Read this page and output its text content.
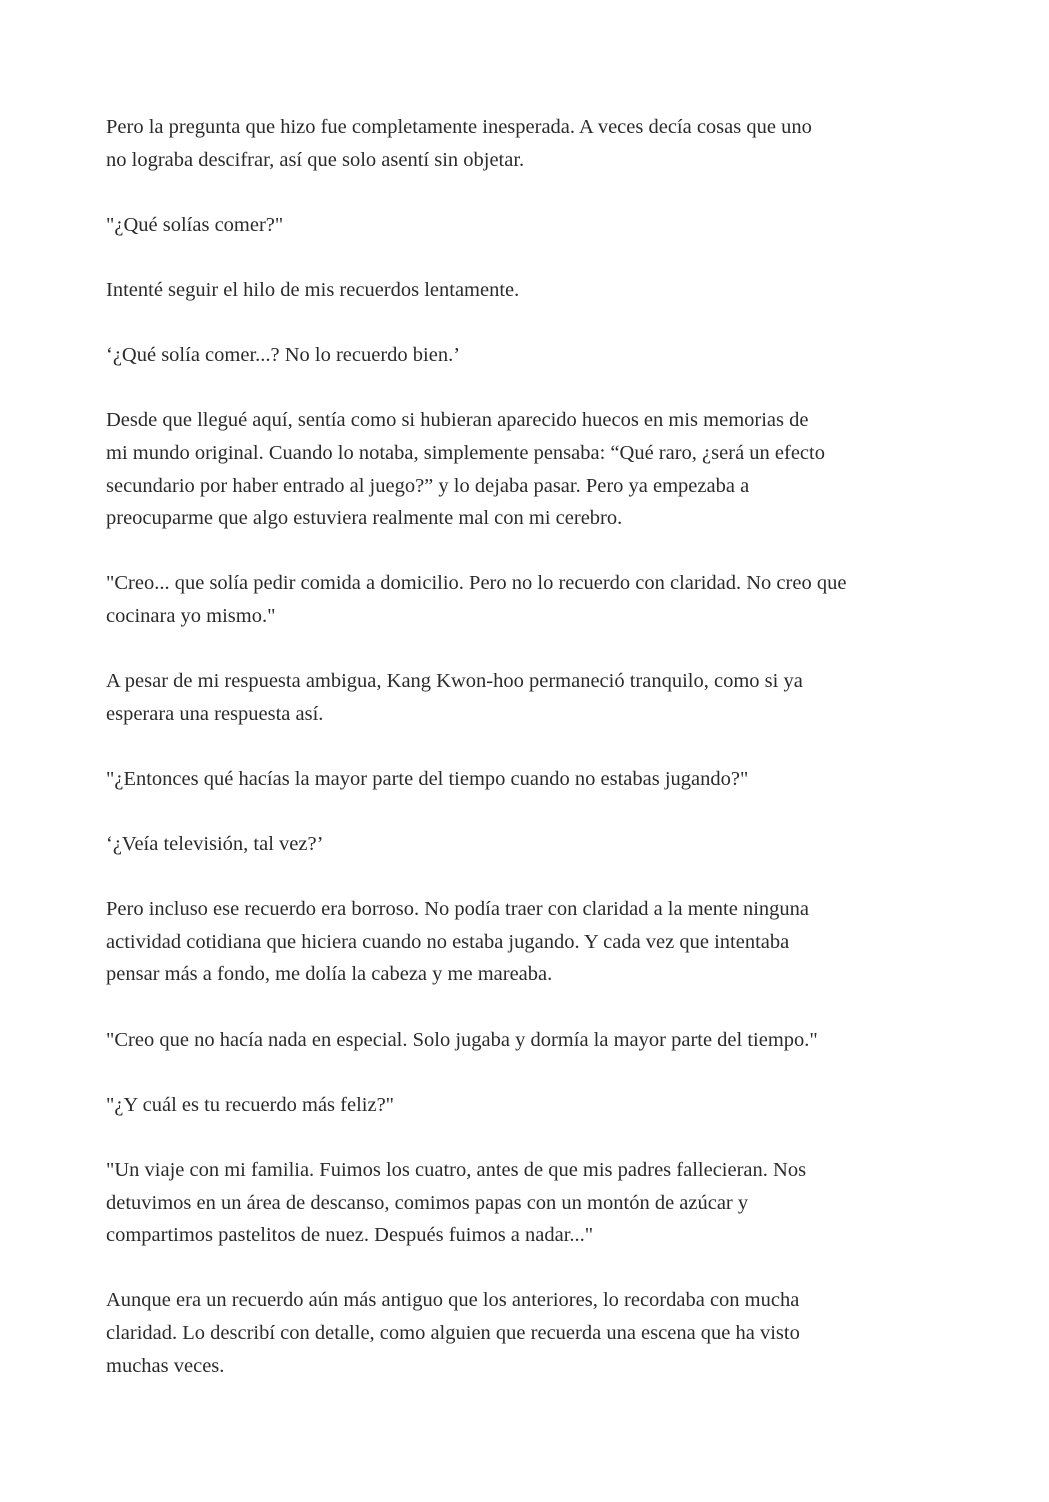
Pero la pregunta que hizo fue completamente inesperada. A veces decía cosas que uno
no lograba descifrar, así que solo asentí sin objetar.

"¿Qué solías comer?"

Intenté seguir el hilo de mis recuerdos lentamente.

‘¿Qué solía comer...? No lo recuerdo bien.’

Desde que llegué aquí, sentía como si hubieran aparecido huecos en mis memorias de
mi mundo original. Cuando lo notaba, simplemente pensaba: “Qué raro, ¿será un efecto
secundario por haber entrado al juego?” y lo dejaba pasar. Pero ya empezaba a
preocuparme que algo estuviera realmente mal con mi cerebro.

"Creo... que solía pedir comida a domicilio. Pero no lo recuerdo con claridad. No creo que
cocinara yo mismo."

A pesar de mi respuesta ambigua, Kang Kwon-hoo permaneció tranquilo, como si ya
esperara una respuesta así.

"¿Entonces qué hacías la mayor parte del tiempo cuando no estabas jugando?"

‘¿Veía televisión, tal vez?’

Pero incluso ese recuerdo era borroso. No podía traer con claridad a la mente ninguna
actividad cotidiana que hiciera cuando no estaba jugando. Y cada vez que intentaba
pensar más a fondo, me dolía la cabeza y me mareaba.

"Creo que no hacía nada en especial. Solo jugaba y dormía la mayor parte del tiempo."

"¿Y cuál es tu recuerdo más feliz?"

"Un viaje con mi familia. Fuimos los cuatro, antes de que mis padres fallecieran. Nos
detuvimos en un área de descanso, comimos papas con un montón de azúcar y
compartimos pastelitos de nuez. Después fuimos a nadar..."

Aunque era un recuerdo aún más antiguo que los anteriores, lo recordaba con mucha
claridad. Lo describí con detalle, como alguien que recuerda una escena que ha visto
muchas veces.
